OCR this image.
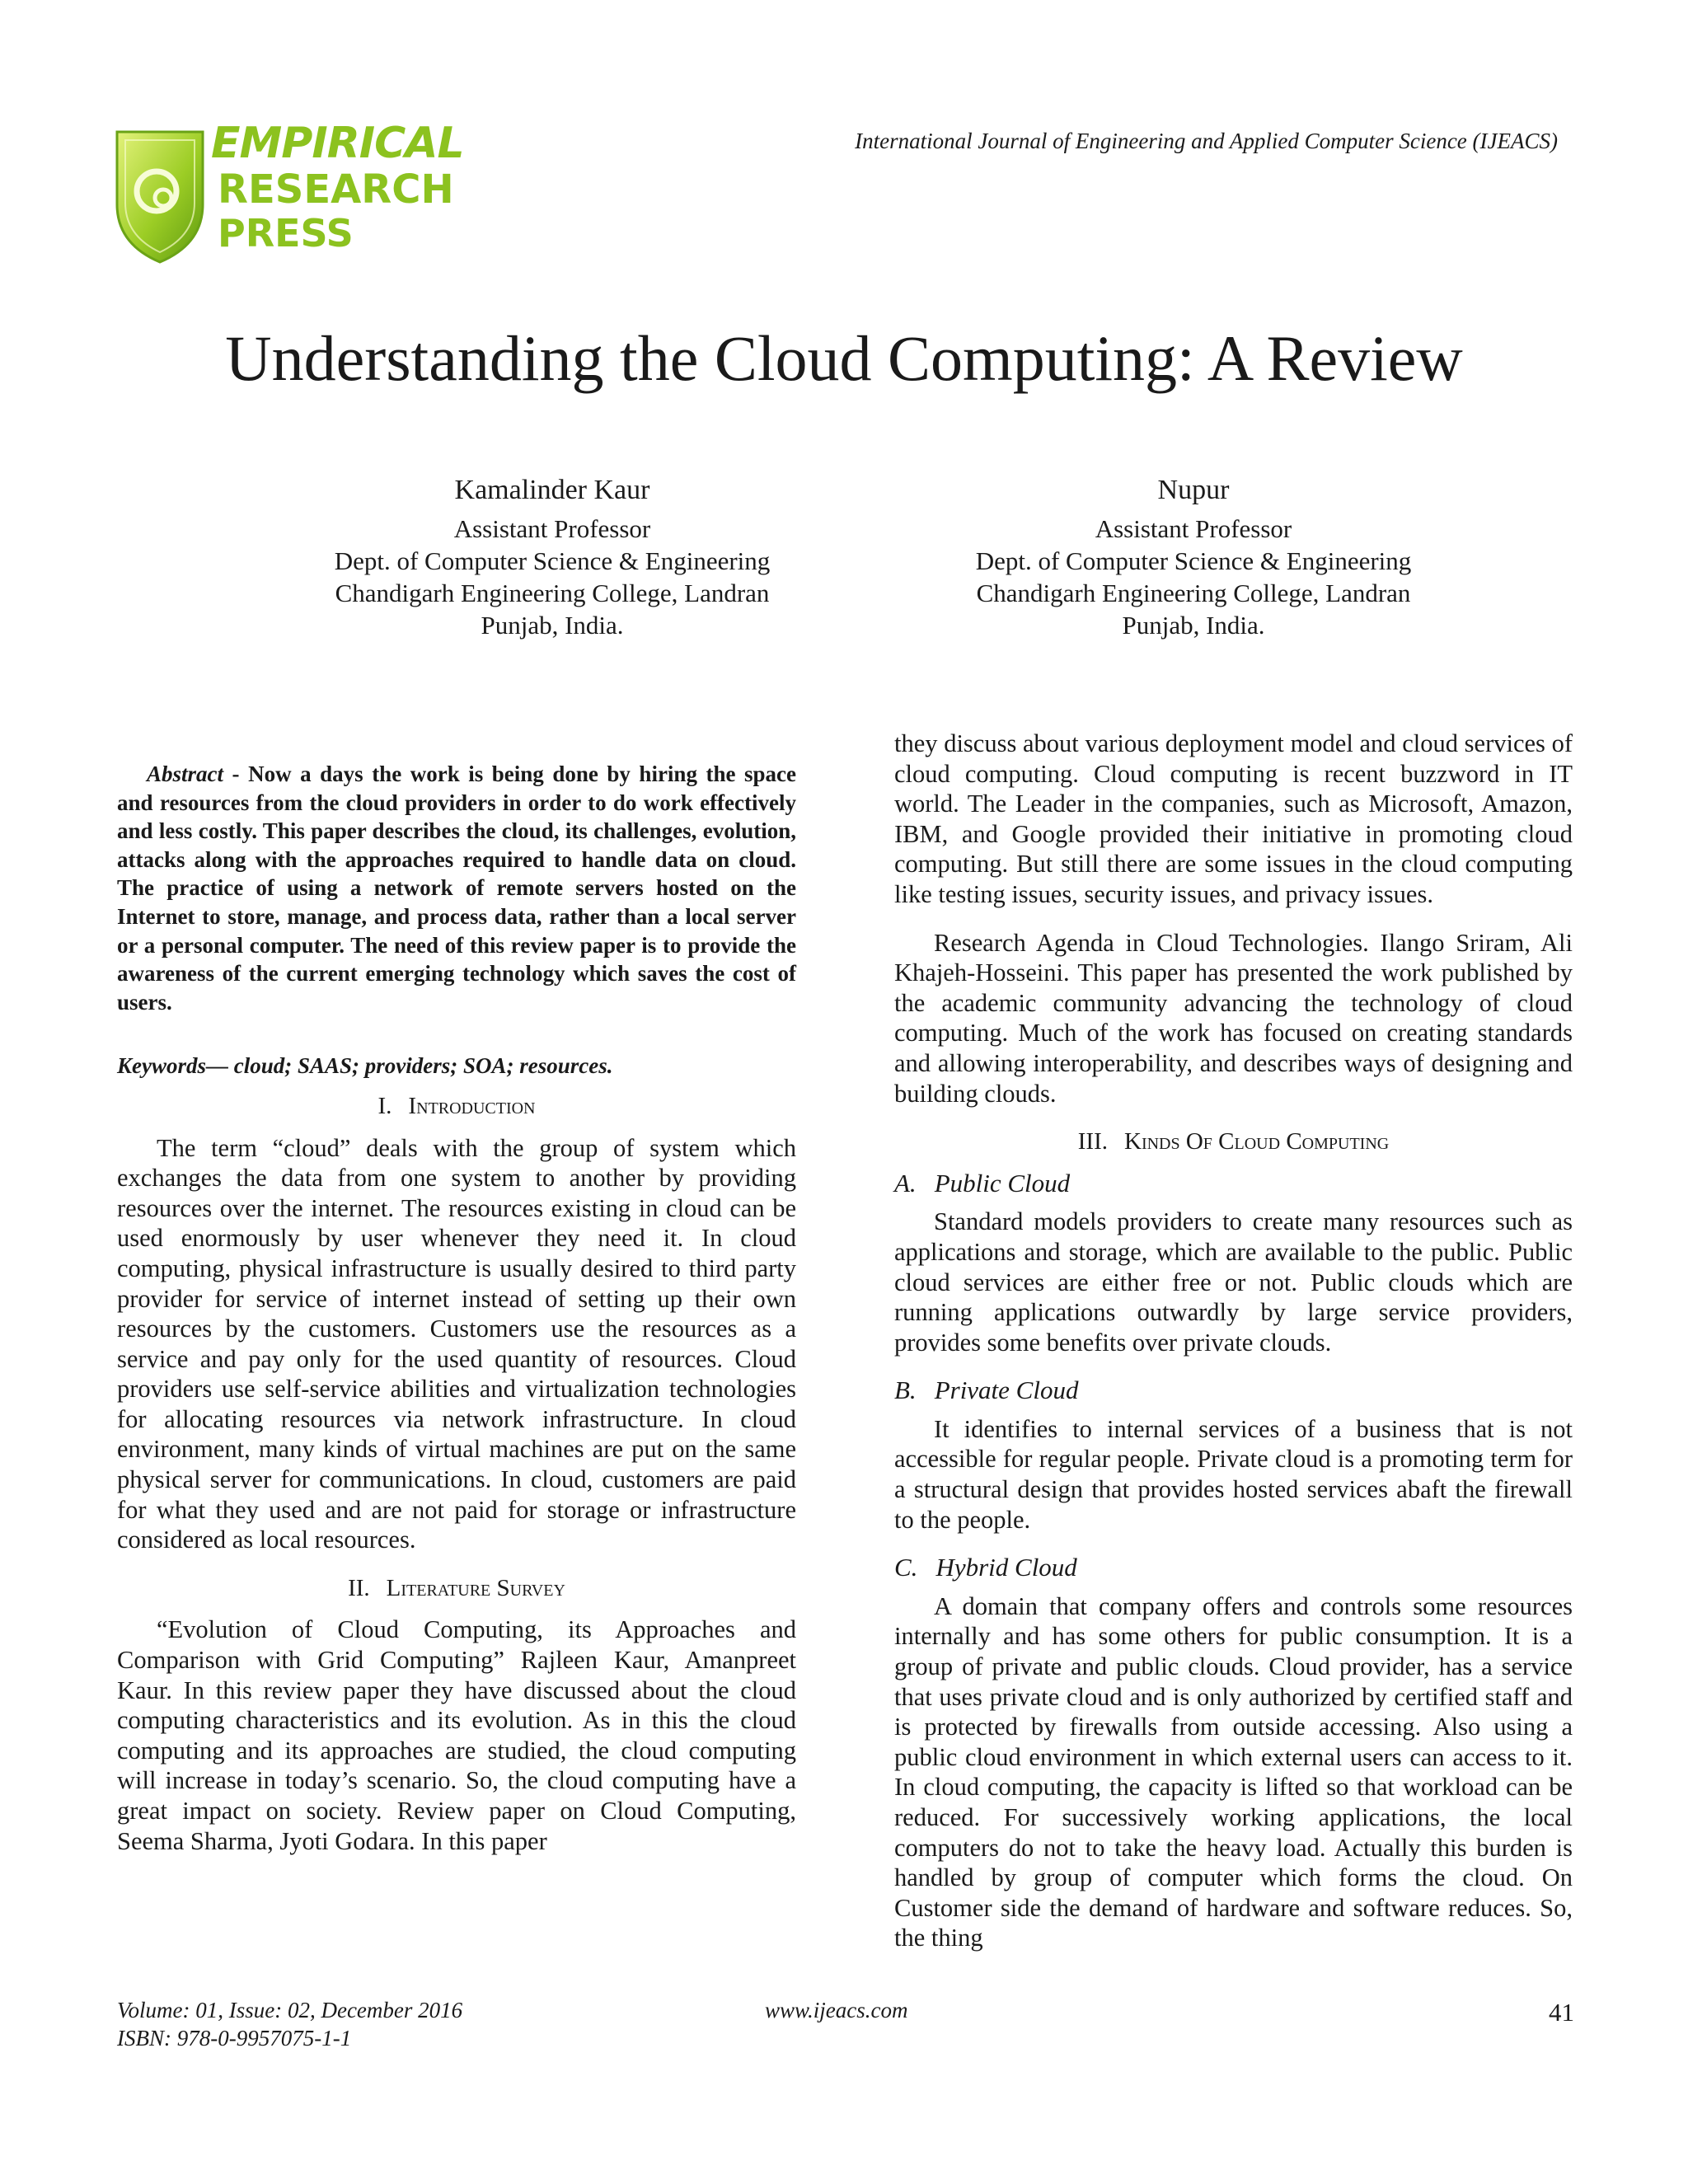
EMPIRICAL
RESEARCH
PRESS
International Journal of Engineering and Applied Computer Science (IJEACS)
Understanding the Cloud Computing: A Review
Kamalinder Kaur
Assistant Professor
Dept. of Computer Science & Engineering
Chandigarh Engineering College, Landran
Punjab, India.
Nupur
Assistant Professor
Dept. of Computer Science & Engineering
Chandigarh Engineering College, Landran
Punjab, India.

Abstract - Now a days the work is being done by hiring the space and resources from the cloud providers in order to do work effectively and less costly. This paper describes the cloud, its challenges, evolution, attacks along with the approaches required to handle data on cloud. The practice of using a network of remote servers hosted on the Internet to store, manage, and process data, rather than a local server or a personal computer. The need of this review paper is to provide the awareness of the current emerging technology which saves the cost of users.

Keywords— cloud; SAAS; providers; SOA; resources.

I. Introduction

The term “cloud” deals with the group of system which exchanges the data from one system to another by providing resources over the internet. The resources existing in cloud can be used enormously by user whenever they need it. In cloud computing, physical infrastructure is usually desired to third party provider for service of internet instead of setting up their own resources by the customers. Customers use the resources as a service and pay only for the used quantity of resources. Cloud providers use self-service abilities and virtualization technologies for allocating resources via network infrastructure. In cloud environment, many kinds of virtual machines are put on the same physical server for communications. In cloud, customers are paid for what they used and are not paid for storage or infrastructure considered as local resources.

II. Literature Survey

“Evolution of Cloud Computing, its Approaches and Comparison with Grid Computing” Rajleen Kaur, Amanpreet Kaur. In this review paper they have discussed about the cloud computing characteristics and its evolution. As in this the cloud computing and its approaches are studied, the cloud computing will increase in today’s scenario. So, the cloud computing have a great impact on society. Review paper on Cloud Computing, Seema Sharma, Jyoti Godara. In this paper

they discuss about various deployment model and cloud services of cloud computing. Cloud computing is recent buzzword in IT world. The Leader in the companies, such as Microsoft, Amazon, IBM, and Google provided their initiative in promoting cloud computing. But still there are some issues in the cloud computing like testing issues, security issues, and privacy issues.

Research Agenda in Cloud Technologies. Ilango Sriram, Ali Khajeh-Hosseini. This paper has presented the work published by the academic community advancing the technology of cloud computing. Much of the work has focused on creating standards and allowing interoperability, and describes ways of designing and building clouds.

III. Kinds Of Cloud Computing

A. Public Cloud

Standard models providers to create many resources such as applications and storage, which are available to the public. Public cloud services are either free or not. Public clouds which are running applications outwardly by large service providers, provides some benefits over private clouds.

B. Private Cloud

It identifies to internal services of a business that is not accessible for regular people. Private cloud is a promoting term for a structural design that provides hosted services abaft the firewall to the people.

C. Hybrid Cloud

A domain that company offers and controls some resources internally and has some others for public consumption. It is a group of private and public clouds. Cloud provider, has a service that uses private cloud and is only authorized by certified staff and is protected by firewalls from outside accessing. Also using a public cloud environment in which external users can access to it. In cloud computing, the capacity is lifted so that workload can be reduced. For successively working applications, the local computers do not to take the heavy load. Actually this burden is handled by group of computer which forms the cloud. On Customer side the demand of hardware and software reduces. So, the thing

Volume: 01, Issue: 02, December 2016
ISBN: 978-0-9957075-1-1
www.ijeacs.com	41
